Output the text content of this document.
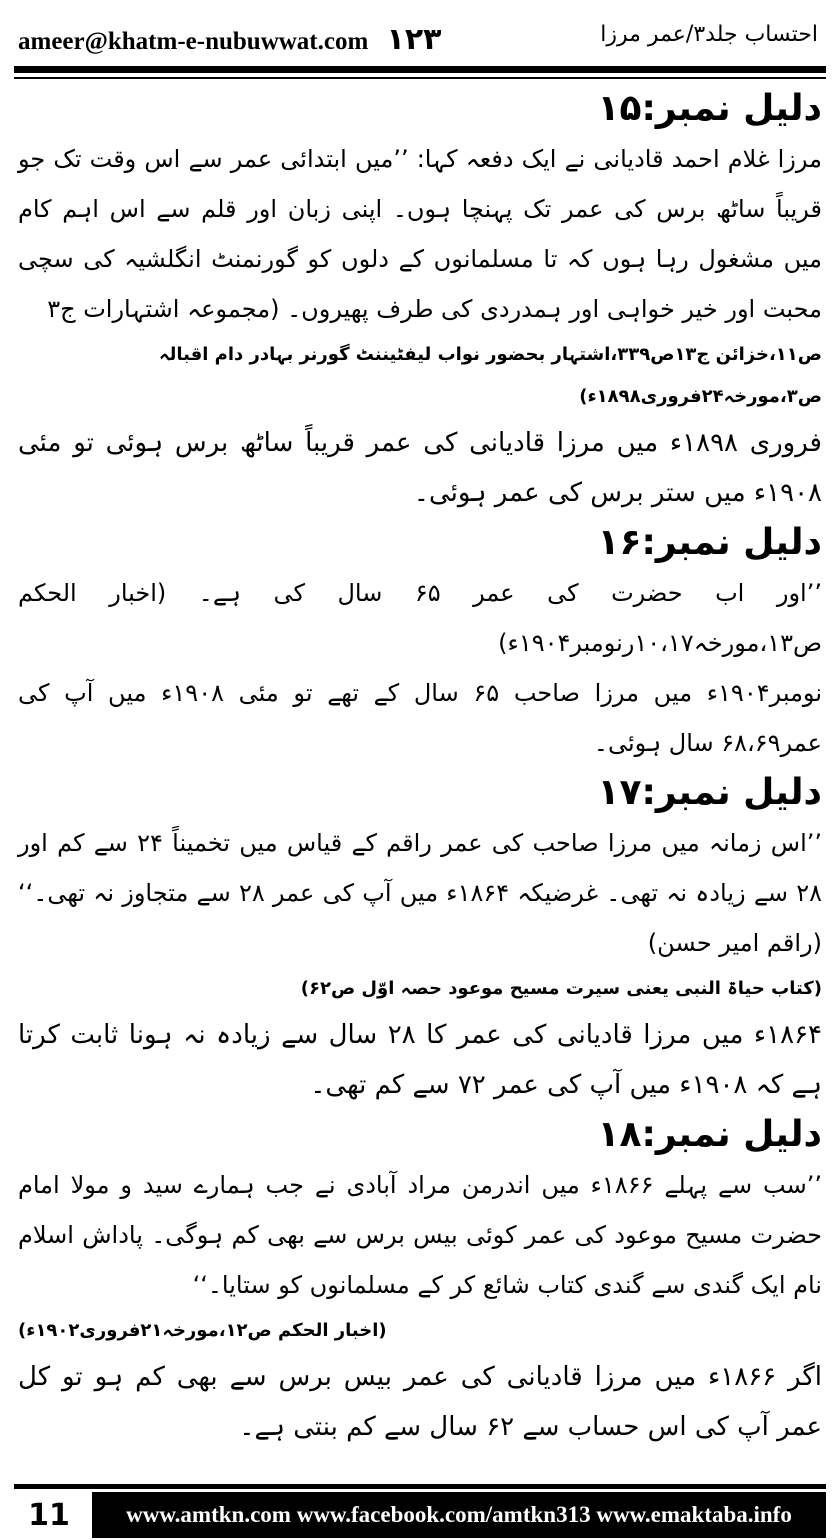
ameer@khatm-e-nubuwwat.com ۱۲۳	احتساب جلد۳/عمر مرزا
دلیل نمبر:۱۵

مرزا غلام احمد قادیانی نے ایک دفعہ کہا: ’’میں ابتدائی عمر سے اس وقت تک جو قریباً ساٹھ برس کی عمر تک پہنچا ہوں۔ اپنی زبان اور قلم سے اس اہم کام میں مشغول رہا ہوں کہ تا مسلمانوں کے دلوں کو گورنمنٹ انگلشیہ کی سچی محبت اور خیر خواہی اور ہمدردی کی طرف پھیروں۔ (مجموعہ اشتہارات ج۳

ص۱۱،خزائن ج۱۳ص۳۳۹،اشتہار بحضور نواب لیفٹیننٹ گورنر بہادر دام اقبالہ ص۳،مورخہ۲۴فروری۱۸۹۸ء)

فروری ۱۸۹۸ء میں مرزا قادیانی کی عمر قریباً ساٹھ برس ہوئی تو مئی ۱۹۰۸ء میں ستر برس کی عمر ہوئی۔

دلیل نمبر:۱۶

’’اور اب حضرت کی عمر ۶۵ سال کی ہے۔ (اخبار الحکم ص۱۳،مورخہ۱۰،۱۷رنومبر۱۹۰۴ء)

نومبر۱۹۰۴ء میں مرزا صاحب ۶۵ سال کے تھے تو مئی ۱۹۰۸ء میں آپ کی عمر۶۸،۶۹ سال ہوئی۔

دلیل نمبر:۱۷

’’اس زمانہ میں مرزا صاحب کی عمر راقم کے قیاس میں تخمیناً ۲۴ سے کم اور ۲۸ سے زیادہ نہ تھی۔ غرضیکہ ۱۸۶۴ء میں آپ کی عمر ۲۸ سے متجاوز نہ تھی۔‘‘ (راقم امیر حسن)

(کتاب حیاۃ النبی یعنی سیرت مسیح موعود حصہ اوّل ص۶۲)

۱۸۶۴ء میں مرزا قادیانی کی عمر کا ۲۸ سال سے زیادہ نہ ہونا ثابت کرتا ہے کہ ۱۹۰۸ء میں آپ کی عمر ۷۲ سے کم تھی۔

دلیل نمبر:۱۸

’’سب سے پہلے ۱۸۶۶ء میں اندرمن مراد آبادی نے جب ہمارے سید و مولا امام حضرت مسیح موعود کی عمر کوئی بیس برس سے بھی کم ہوگی۔ پاداش اسلام نام ایک گندی سے گندی کتاب شائع کر کے مسلمانوں کو ستایا۔‘‘

(اخبار الحکم ص۱۲،مورخہ۲۱فروری۱۹۰۲ء)

اگر ۱۸۶۶ء میں مرزا قادیانی کی عمر بیس برس سے بھی کم ہو تو کل عمر آپ کی اس حساب سے ۶۲ سال سے کم بنتی ہے۔

11	www.amtkn.com www.facebook.com/amtkn313 www.emaktaba.info
